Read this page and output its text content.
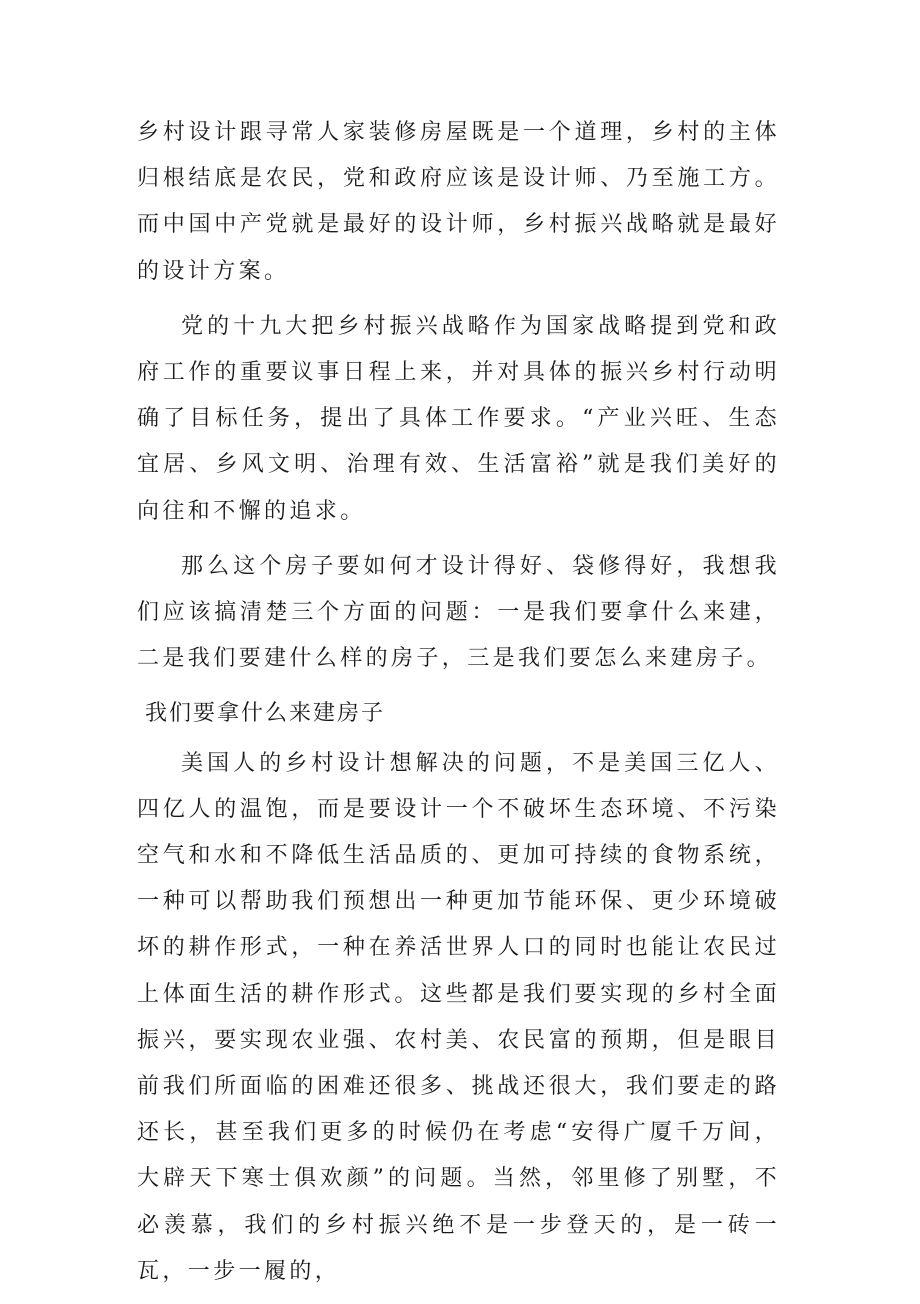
乡村设计跟寻常人家装修房屋既是一个道理，乡村的主体归根结底是农民，党和政府应该是设计师、乃至施工方。而中国中产党就是最好的设计师，乡村振兴战略就是最好的设计方案。

党的十九大把乡村振兴战略作为国家战略提到党和政府工作的重要议事日程上来，并对具体的振兴乡村行动明确了目标任务，提出了具体工作要求。“产业兴旺、生态宜居、乡风文明、治理有效、生活富裕”就是我们美好的向往和不懈的追求。

那么这个房子要如何才设计得好、袋修得好，我想我们应该搞清楚三个方面的问题：一是我们要拿什么来建，二是我们要建什么样的房子，三是我们要怎么来建房子。

我们要拿什么来建房子

美国人的乡村设计想解决的问题，不是美国三亿人、四亿人的温饱，而是要设计一个不破坏生态环境、不污染空气和水和不降低生活品质的、更加可持续的食物系统，一种可以帮助我们预想出一种更加节能环保、更少环境破坏的耕作形式，一种在养活世界人口的同时也能让农民过上体面生活的耕作形式。这些都是我们要实现的乡村全面振兴，要实现农业强、农村美、农民富的预期，但是眼目前我们所面临的困难还很多、挑战还很大，我们要走的路还长，甚至我们更多的时候仍在考虑“安得广厦千万间，大辟天下寒士俱欢颜”的问题。当然，邻里修了别墅，不必羡慕，我们的乡村振兴绝不是一步登天的，是一砖一瓦，一步一履的，
